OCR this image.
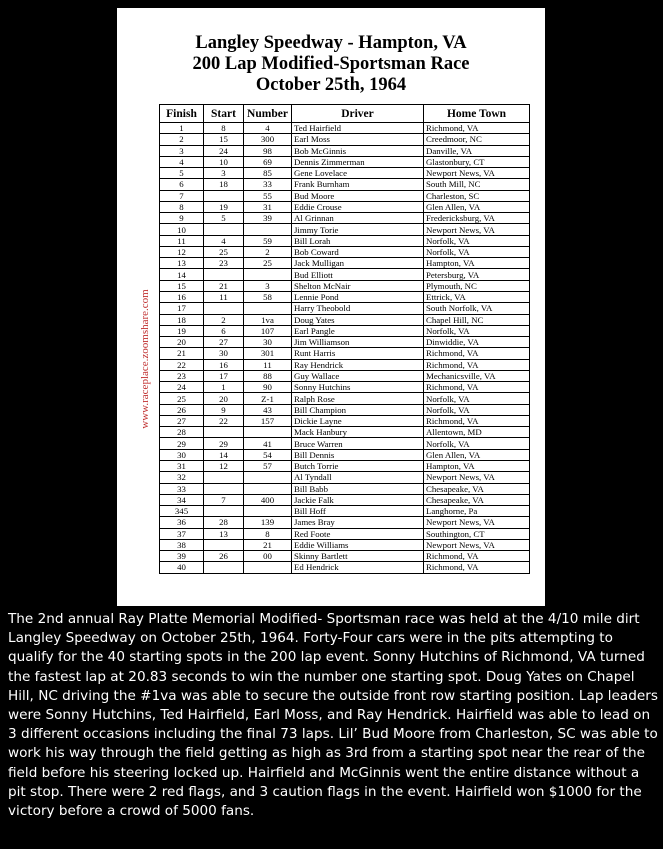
Langley Speedway - Hampton, VA
200 Lap Modified-Sportsman Race
October 25th, 1964
www.raceplace.zoomshare.com
Finish	Start	Number	Driver	Home Town
1	8	4	Ted Hairfield	Richmond, VA
2	15	300	Earl Moss	Creedmoor, NC
3	24	98	Bob McGinnis	Danville, VA
4	10	69	Dennis Zimmerman	Glastonbury, CT
5	3	85	Gene Lovelace	Newport News, VA
6	18	33	Frank Burnham	South Mill, NC
7		55	Bud Moore	Charleston, SC
8	19	31	Eddie Crouse	Glen Allen, VA
9	5	39	Al Grinnan	Fredericksburg, VA
10			Jimmy Torie	Newport News, VA
11	4	59	Bill Lorah	Norfolk, VA
12	25	2	Bob Coward	Norfolk, VA
13	23	25	Jack Mulligan	Hampton, VA
14			Bud Elliott	Petersburg, VA
15	21	3	Shelton McNair	Plymouth, NC
16	11	58	Lennie Pond	Ettrick, VA
17			Harry Theobold	South Norfolk, VA
18	2	1va	Doug Yates	Chapel Hill, NC
19	6	107	Earl Pangle	Norfolk, VA
20	27	30	Jim Williamson	Dinwiddie, VA
21	30	301	Runt Harris	Richmond, VA
22	16	11	Ray Hendrick	Richmond, VA
23	17	88	Guy Wallace	Mechanicsville, VA
24	1	90	Sonny Hutchins	Richmond, VA
25	20	Z-1	Ralph Rose	Norfolk, VA
26	9	43	Bill Champion	Norfolk, VA
27	22	157	Dickie Layne	Richmond, VA
28			Mack Hanbury	Allentown, MD
29	29	41	Bruce Warren	Norfolk, VA
30	14	54	Bill Dennis	Glen Allen, VA
31	12	57	Butch Torrie	Hampton, VA
32			Al Tyndall	Newport News, VA
33			Bill Babb	Chesapeake, VA
34	7	400	Jackie Falk	Chesapeake, VA
345			Bill Hoff	Langhorne, Pa
36	28	139	James Bray	Newport News, VA
37	13	8	Red Foote	Southington, CT
38		21	Eddie Williams	Newport News, VA
39	26	00	Skinny Bartlett	Richmond, VA
40			Ed Hendrick	Richmond, VA
The 2nd annual Ray Platte Memorial Modified- Sportsman race was held at the 4/10 mile dirt Langley Speedway on October 25th, 1964. Forty-Four cars were in the pits attempting to qualify for the 40 starting spots in the 200 lap event. Sonny Hutchins of Richmond, VA turned the fastest lap at 20.83 seconds to win the number one starting spot. Doug Yates on Chapel Hill, NC driving the #1va was able to secure the outside front row starting position. Lap leaders were Sonny Hutchins, Ted Hairfield, Earl Moss, and Ray Hendrick. Hairfield was able to lead on 3 different occasions including the final 73 laps. Lil’ Bud Moore from Charleston, SC was able to work his way through the field getting as high as 3rd from a starting spot near the rear of the field before his steering locked up. Hairfield and McGinnis went the entire distance without a pit stop. There were 2 red flags, and 3 caution flags in the event. Hairfield won $1000 for the victory before a crowd of 5000 fans.
